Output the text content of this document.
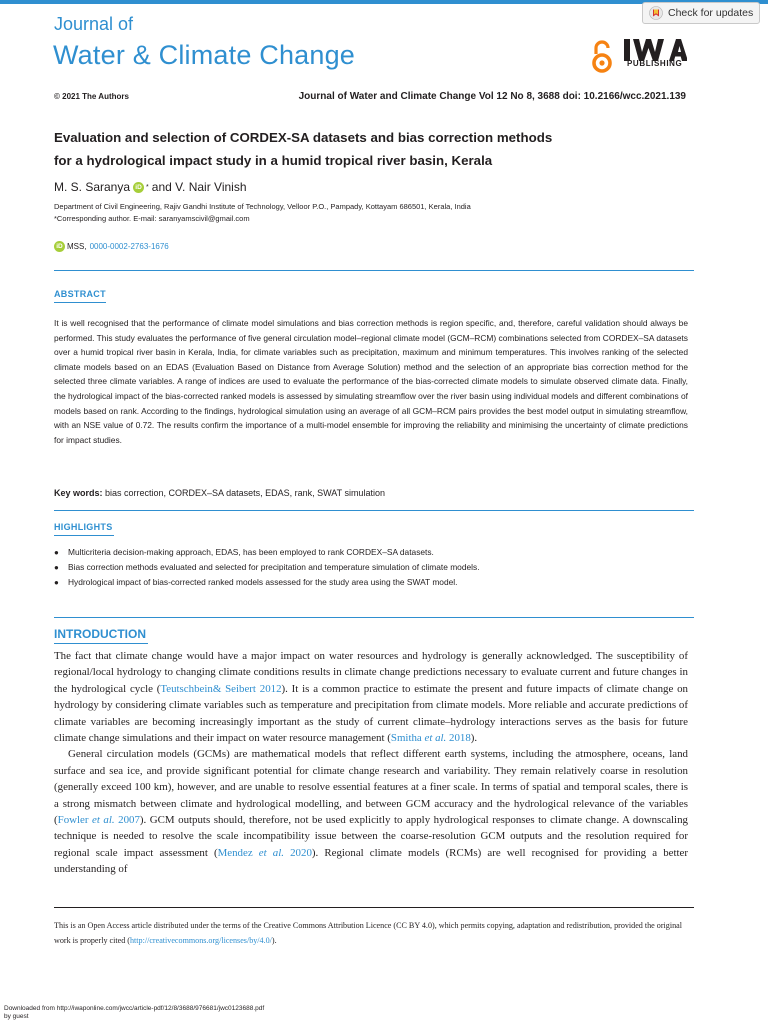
Journal of
Water & Climate Change
Check for updates
PUBLISHING
© 2021 The Authors	Journal of Water and Climate Change Vol 12 No 8, 3688 doi: 10.2166/wcc.2021.139
Evaluation and selection of CORDEX-SA datasets and bias correction methods
for a hydrological impact study in a humid tropical river basin, Kerala
M. S. Saranya iD * and V. Nair Vinish
Department of Civil Engineering, Rajiv Gandhi Institute of Technology, Velloor P.O., Pampady, Kottayam 686501, Kerala, India
*Corresponding author. E-mail: saranyamscivil@gmail.com
iD MSS, 0000-0002-2763-1676
ABSTRACT
It is well recognised that the performance of climate model simulations and bias correction methods is region specific, and, therefore, careful validation should always be performed. This study evaluates the performance of five general circulation model–regional climate model (GCM–RCM) combinations selected from CORDEX–SA datasets over a humid tropical river basin in Kerala, India, for climate variables such as precipitation, maximum and minimum temperatures. This involves ranking of the selected climate models based on an EDAS (Evaluation Based on Distance from Average Solution) method and the selection of an appropriate bias correction method for the selected three climate variables. A range of indices are used to evaluate the performance of the bias-corrected climate models to simulate observed climate data. Finally, the hydrological impact of the bias-corrected ranked models is assessed by simulating streamflow over the river basin using individual models and different combinations of models based on rank. According to the findings, hydrological simulation using an average of all GCM–RCM pairs provides the best model output in simulating streamflow, with an NSE value of 0.72. The results confirm the importance of a multi-model ensemble for improving the reliability and minimising the uncertainty of climate predictions for impact studies.
Key words: bias correction, CORDEX–SA datasets, EDAS, rank, SWAT simulation
HIGHLIGHTS
●	Multicriteria decision-making approach, EDAS, has been employed to rank CORDEX–SA datasets.
●	Bias correction methods evaluated and selected for precipitation and temperature simulation of climate models.
●	Hydrological impact of bias-corrected ranked models assessed for the study area using the SWAT model.
INTRODUCTION

The fact that climate change would have a major impact on water resources and hydrology is generally acknowledged. The susceptibility of regional/local hydrology to changing climate conditions results in climate change predictions necessary to evaluate current and future changes in the hydrological cycle (Teutschbein& Seibert 2012). It is a common practice to estimate the present and future impacts of climate change on hydrology by considering climate variables such as temperature and precipitation from climate models. More reliable and accurate predictions of climate variables are becoming increasingly important as the study of current climate–hydrology interactions serves as the basis for future climate change simulations and their impact on water resource management (Smitha et al. 2018).

General circulation models (GCMs) are mathematical models that reflect different earth systems, including the atmosphere, oceans, land surface and sea ice, and provide significant potential for climate change research and variability. They remain relatively coarse in resolution (generally exceed 100 km), however, and are unable to resolve essential features at a finer scale. In terms of spatial and temporal scales, there is a strong mismatch between climate and hydrological modelling, and between GCM accuracy and the hydrological relevance of the variables (Fowler et al. 2007). GCM outputs should, therefore, not be used explicitly to apply hydrological responses to climate change. A downscaling technique is needed to resolve the scale incompatibility issue between the coarse-resolution GCM outputs and the resolution required for regional scale impact assessment (Mendez et al. 2020). Regional climate models (RCMs) are well recognised for providing a better understanding of

This is an Open Access article distributed under the terms of the Creative Commons Attribution Licence (CC BY 4.0), which permits copying, adaptation and redistribution, provided the original work is properly cited (http://creativecommons.org/licenses/by/4.0/).
Downloaded from http://iwaponline.com/jwcc/article-pdf/12/8/3688/976681/jwc0123688.pdf
by guest
